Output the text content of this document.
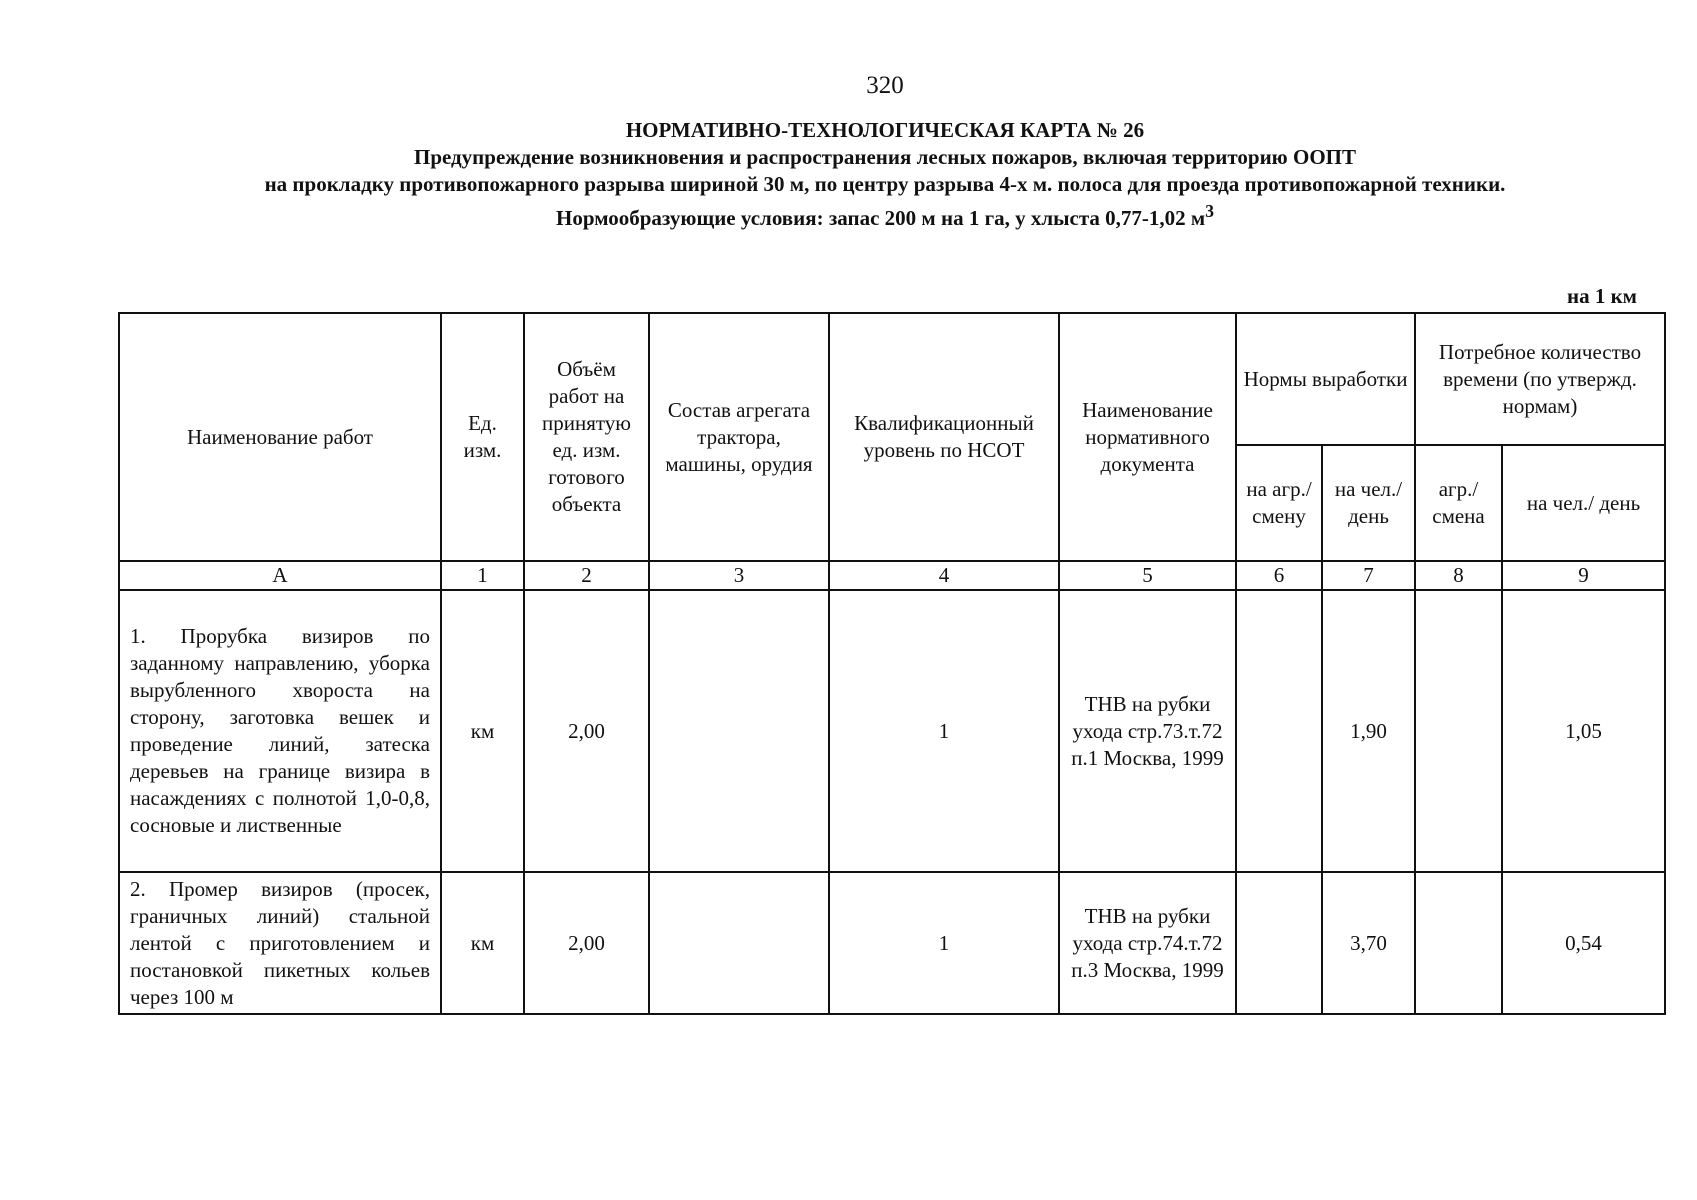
320
НОРМАТИВНО-ТЕХНОЛОГИЧЕСКАЯ КАРТА № 26
Предупреждение возникновения и распространения лесных пожаров, включая территорию ООПТ
на прокладку противопожарного разрыва шириной 30 м, по центру разрыва 4-х м. полоса для проезда противопожарной техники.
Нормообразующие условия: запас 200 м на 1 га, у хлыста 0,77-1,02 $м^3$
на 1 км
Наименование работ	Ед. изм.	Объём работ на принятую ед. изм. готового объекта	Состав агрегата трактора, машины, орудия	Квалификационный уровень по НСОТ	Наименование нормативного документа	Нормы выработки		Потребное количество времени (по утвержд. нормам)	
						на агр./ смену	на чел./ день	агр./ смена	на чел./ день
А	1	2	3	4	5	6	7	8	9
1. Прорубка визиров по заданному направлению, уборка вырубленного хвороста на сторону, заготовка вешек и проведение линий, затеска деревьев на границе визира в насаждениях с полнотой 1,0-0,8, сосновые и лиственные	км	2,00		1	ТНВ на рубки ухода стр.73.т.72 п.1 Москва, 1999		1,90		1,05
2. Промер визиров (просек, граничных линий) стальной лентой с приготовлением и постановкой пикетных кольев через 100 м	км	2,00		1	ТНВ на рубки ухода стр.74.т.72 п.3 Москва, 1999		3,70		0,54
